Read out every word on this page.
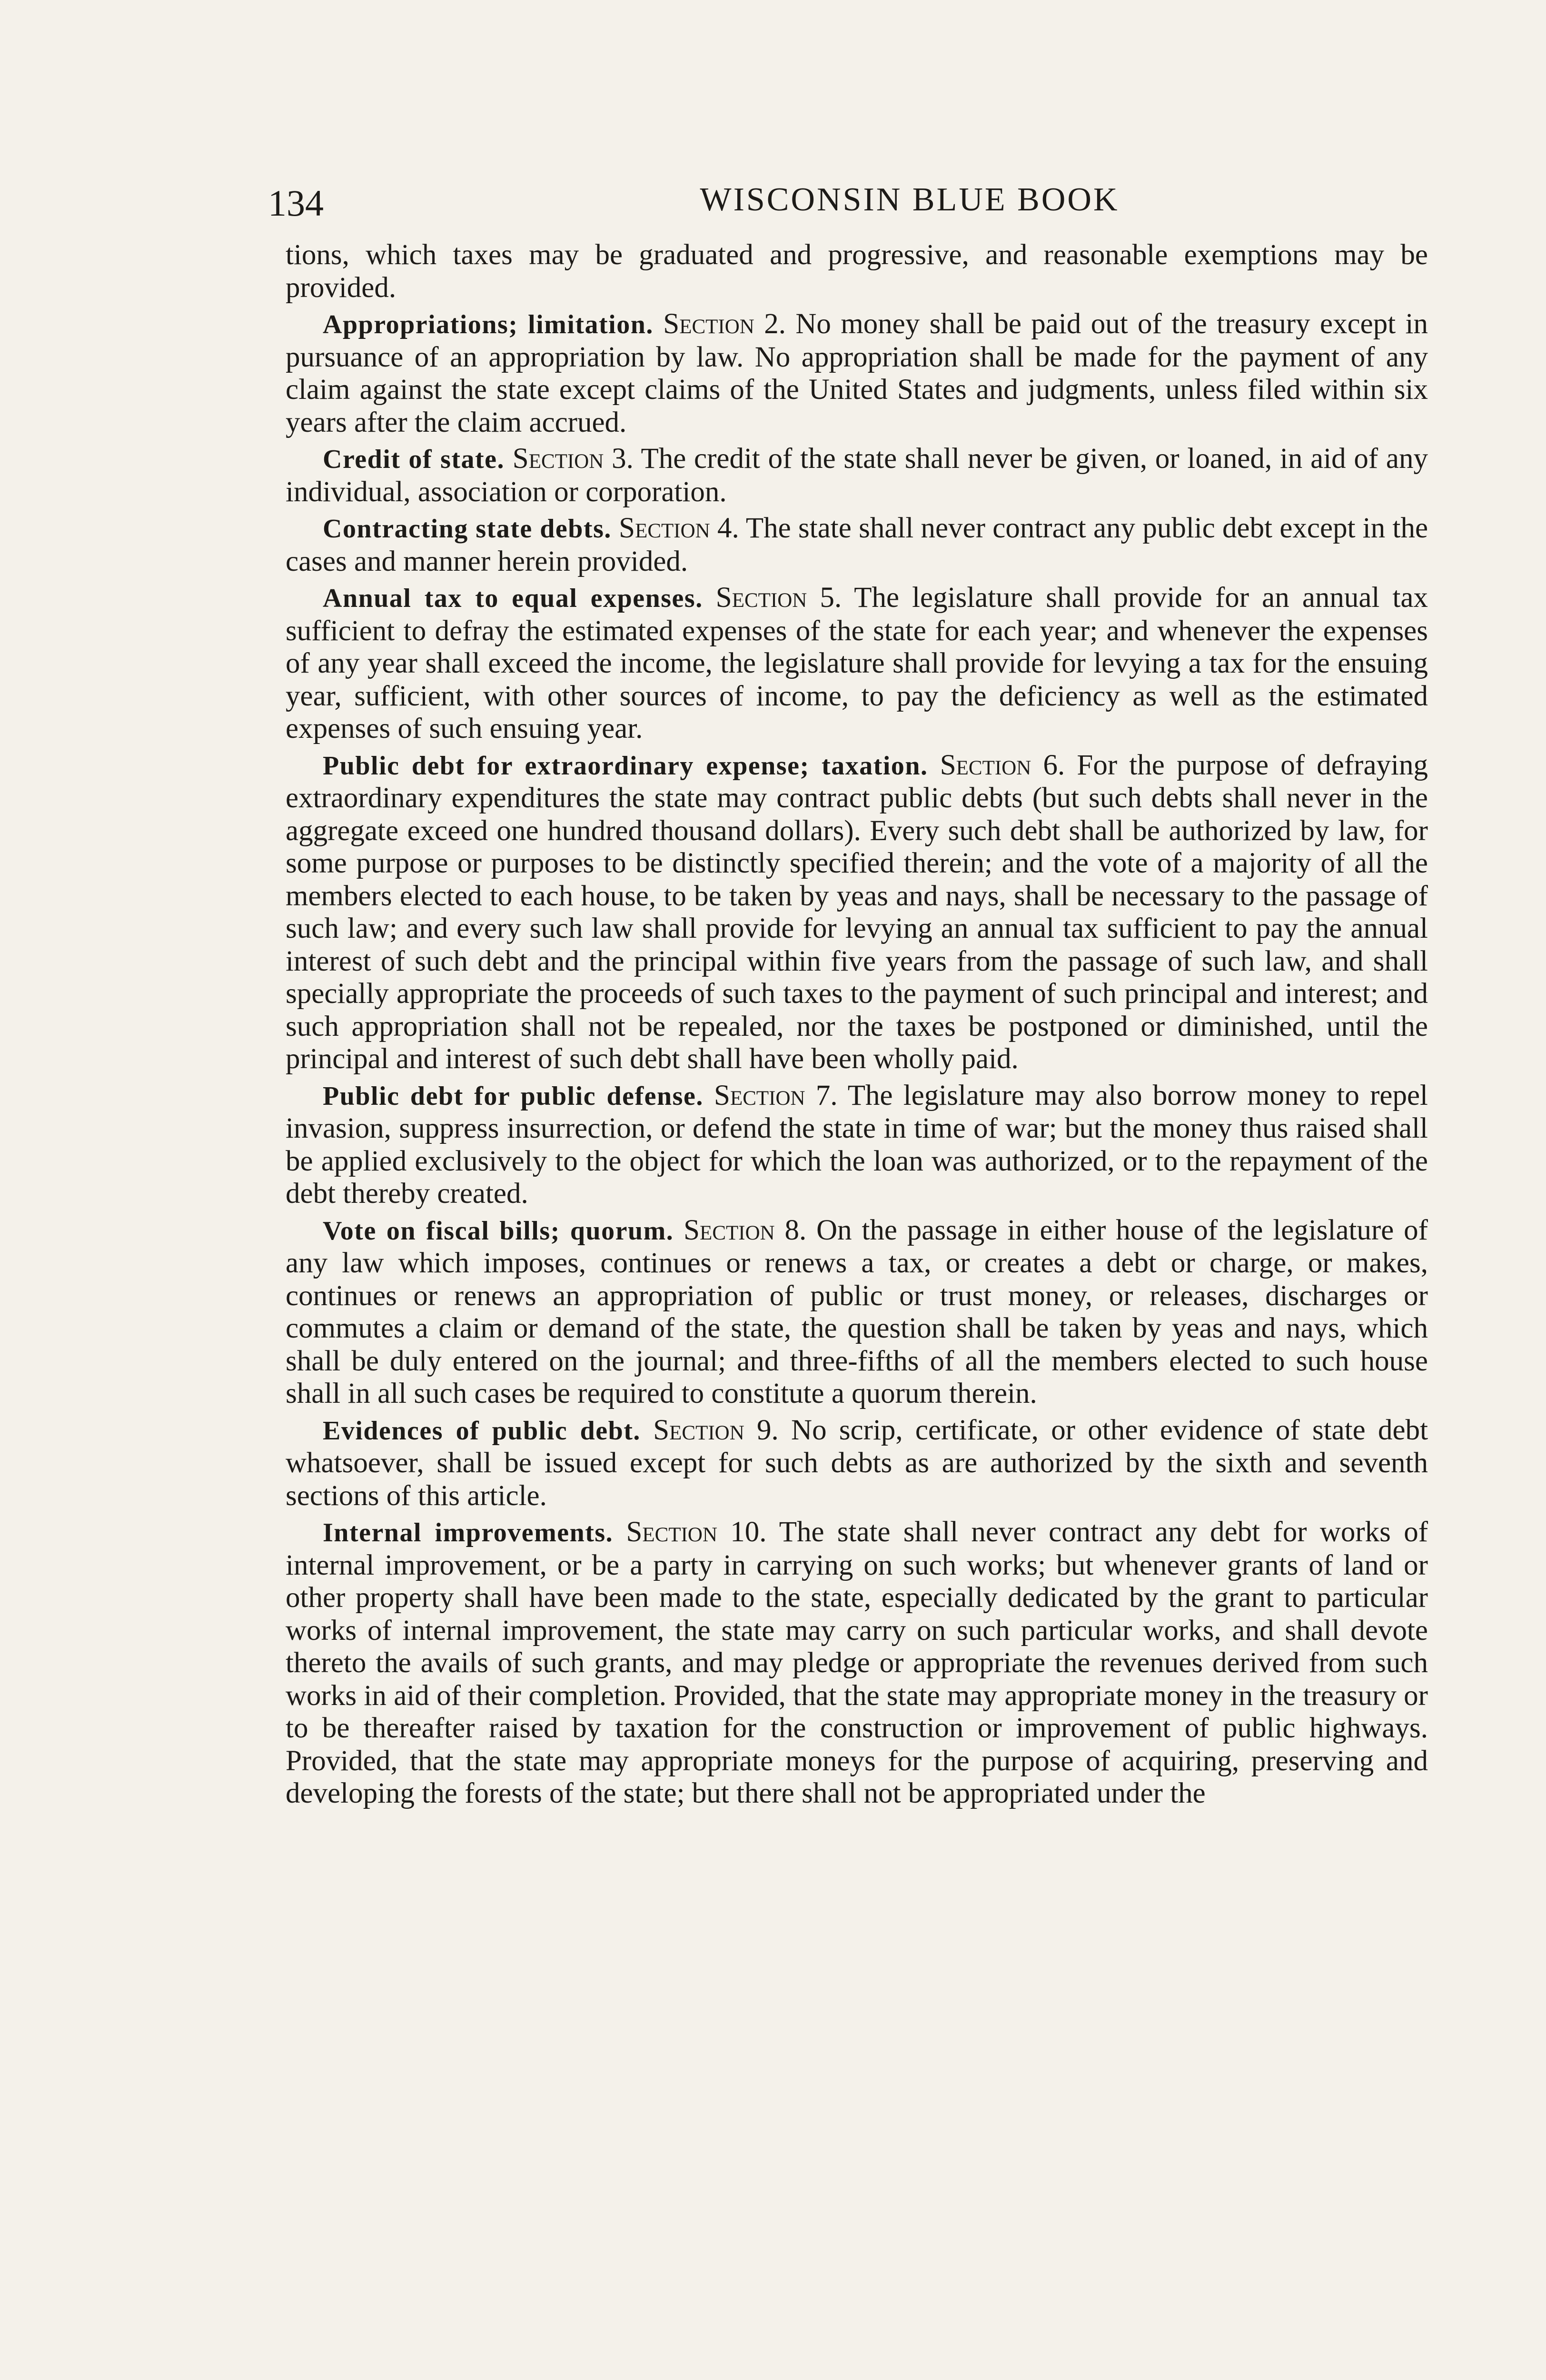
134	WISCONSIN BLUE BOOK

tions, which taxes may be graduated and progressive, and reasonable exemptions may be provided.

Appropriations; limitation. Section 2. No money shall be paid out of the treasury except in pursuance of an appropriation by law. No appropriation shall be made for the payment of any claim against the state except claims of the United States and judgments, unless filed within six years after the claim accrued.

Credit of state. Section 3. The credit of the state shall never be given, or loaned, in aid of any individual, association or corporation.

Contracting state debts. Section 4. The state shall never contract any public debt except in the cases and manner herein provided.

Annual tax to equal expenses. Section 5. The legislature shall provide for an annual tax sufficient to defray the estimated expenses of the state for each year; and whenever the expenses of any year shall exceed the income, the legislature shall provide for levying a tax for the ensuing year, sufficient, with other sources of income, to pay the deficiency as well as the estimated expenses of such ensuing year.

Public debt for extraordinary expense; taxation. Section 6. For the purpose of defraying extraordinary expenditures the state may contract public debts (but such debts shall never in the aggregate exceed one hundred thousand dollars). Every such debt shall be authorized by law, for some purpose or purposes to be distinctly specified therein; and the vote of a majority of all the members elected to each house, to be taken by yeas and nays, shall be necessary to the passage of such law; and every such law shall provide for levying an annual tax sufficient to pay the annual interest of such debt and the principal within five years from the passage of such law, and shall specially appropriate the proceeds of such taxes to the payment of such principal and interest; and such appropriation shall not be repealed, nor the taxes be postponed or diminished, until the principal and interest of such debt shall have been wholly paid.

Public debt for public defense. Section 7. The legislature may also borrow money to repel invasion, suppress insurrection, or defend the state in time of war; but the money thus raised shall be applied exclusively to the object for which the loan was authorized, or to the repayment of the debt thereby created.

Vote on fiscal bills; quorum. Section 8. On the passage in either house of the legislature of any law which imposes, continues or renews a tax, or creates a debt or charge, or makes, continues or renews an appropriation of public or trust money, or releases, discharges or commutes a claim or demand of the state, the question shall be taken by yeas and nays, which shall be duly entered on the journal; and three-fifths of all the members elected to such house shall in all such cases be required to constitute a quorum therein.

Evidences of public debt. Section 9. No scrip, certificate, or other evidence of state debt whatsoever, shall be issued except for such debts as are authorized by the sixth and seventh sections of this article.

Internal improvements. Section 10. The state shall never contract any debt for works of internal improvement, or be a party in carrying on such works; but whenever grants of land or other property shall have been made to the state, especially dedicated by the grant to particular works of internal improvement, the state may carry on such particular works, and shall devote thereto the avails of such grants, and may pledge or appropriate the revenues derived from such works in aid of their completion. Provided, that the state may appropriate money in the treasury or to be thereafter raised by taxation for the construction or improvement of public highways. Provided, that the state may appropriate moneys for the purpose of acquiring, preserving and developing the forests of the state; but there shall not be appropriated under the
